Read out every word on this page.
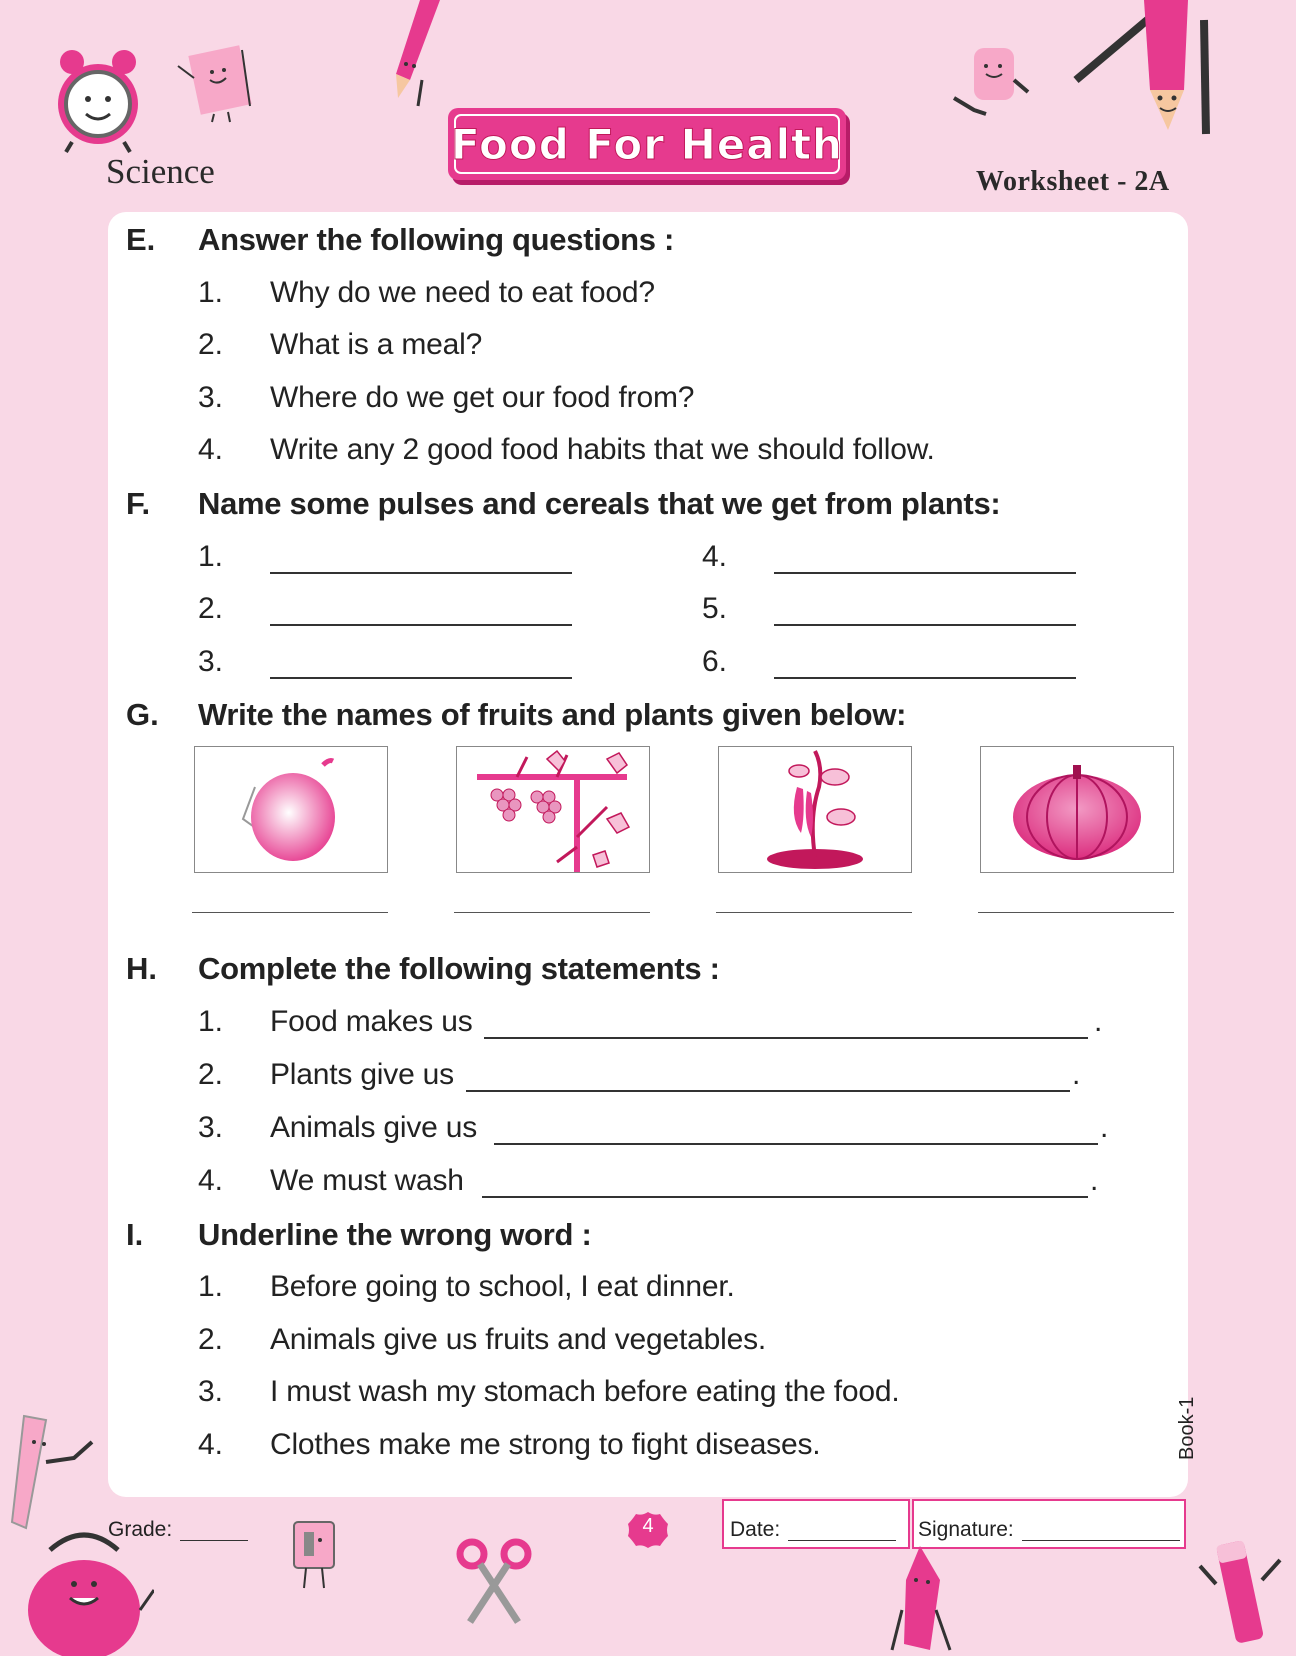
Science
Food For Health
Worksheet - 2A
E. Answer the following questions :
1. Why do we need to eat food?
2. What is a meal?
3. Where do we get our food from?
4. Write any 2 good food habits that we should follow.
F. Name some pulses and cereals that we get from plants:
1.
2.
3.
4.
5.
6.
G. Write the names of fruits and plants given below:
H. Complete the following statements :
1. Food makes us	.
2. Plants give us	.
3. Animals give us	.
4. We must wash	.
I. Underline the wrong word :
1. Before going to school, I eat dinner.
2. Animals give us fruits and vegetables.
3. I must wash my stomach before eating the food.
4. Clothes make me strong to fight diseases.	Book-1
Grade:	4	Date:	Signature:
